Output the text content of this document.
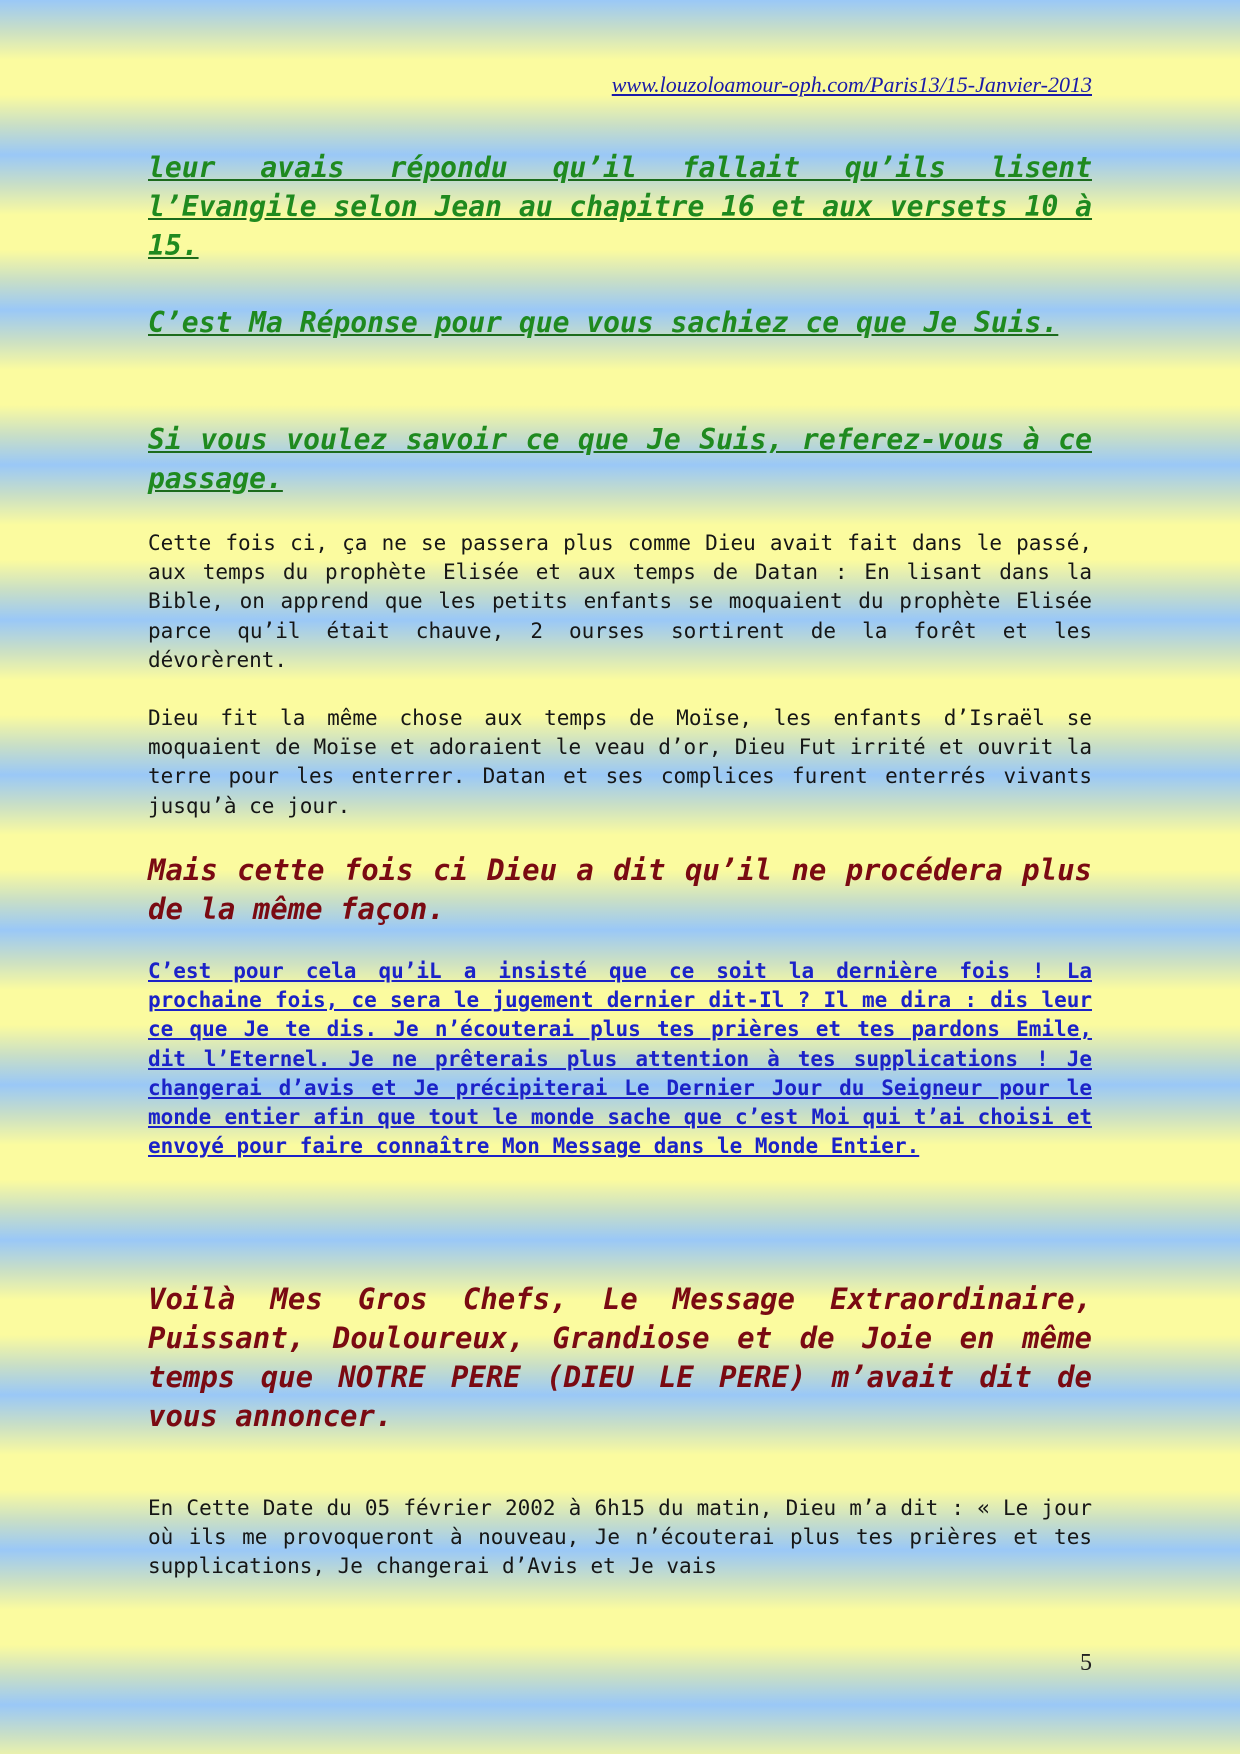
www.louzoloamour-oph.com/Paris13/15-Janvier-2013
leur avais répondu qu’il fallait qu’ils lisent l’Evangile selon Jean au chapitre 16 et aux versets 10 à 15.
C’est Ma Réponse pour que vous sachiez ce que Je Suis.
Si vous voulez savoir ce que Je Suis, referez-vous à ce passage.
Cette fois ci, ça ne se passera plus comme Dieu avait fait dans le passé, aux temps du prophète Elisée et aux temps de Datan : En lisant dans la Bible, on apprend que les petits enfants se moquaient du prophète Elisée parce qu’il était chauve, 2 ourses sortirent de la forêt et les dévorèrent.
Dieu fit la même chose aux temps de Moïse, les enfants d’Israël se moquaient de Moïse et adoraient le veau d’or, Dieu Fut irrité et ouvrit la terre pour les enterrer. Datan et ses complices furent enterrés vivants jusqu’à ce jour.
Mais cette fois ci Dieu a dit qu’il ne procédera plus de la même façon.
C’est pour cela qu’iL a insisté que ce soit la dernière fois ! La prochaine fois, ce sera le jugement dernier dit-Il ? Il me dira : dis leur ce que Je te dis. Je n’écouterai plus tes prières et tes pardons Emile, dit l’Eternel. Je ne prêterais plus attention à tes supplications ! Je changerai d’avis et Je précipiterai Le Dernier Jour du Seigneur pour le monde entier afin que tout le monde sache que c’est Moi qui t’ai choisi et envoyé pour faire connaître Mon Message dans le Monde Entier.
Voilà Mes Gros Chefs, Le Message Extraordinaire, Puissant, Douloureux, Grandiose et de Joie en même temps que NOTRE PERE (DIEU LE PERE) m’avait dit de vous annoncer.
En Cette Date du 05 février 2002 à 6h15 du matin, Dieu m’a dit : « Le jour où ils me provoqueront à nouveau, Je n’écouterai plus tes prières et tes supplications, Je changerai d’Avis et Je vais
5
